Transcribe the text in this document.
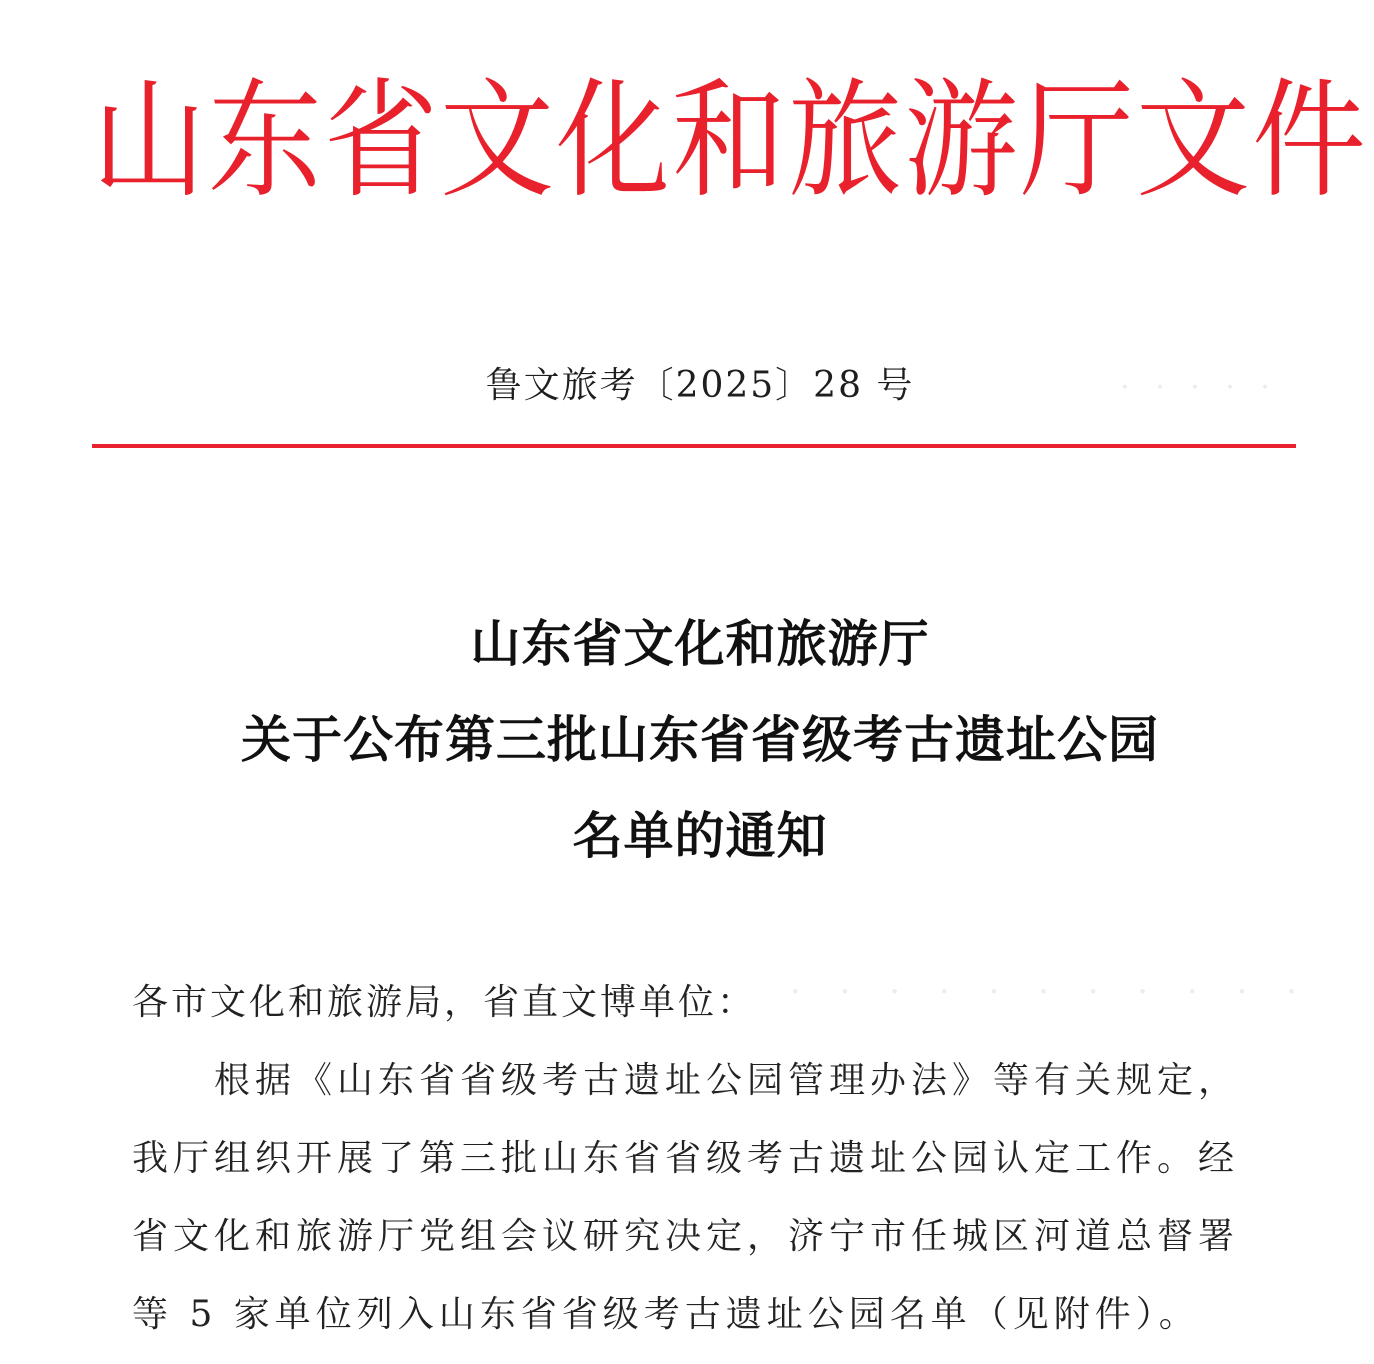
· · · · ·
· · · · · · · · · · ·
山东省文化和旅游厅文件
鲁文旅考〔2025〕28 号
山东省文化和旅游厅
关于公布第三批山东省省级考古遗址公园
名单的通知
各市文化和旅游局，省直文博单位：
根据《山东省省级考古遗址公园管理办法》等有关规定，
我厅组织开展了第三批山东省省级考古遗址公园认定工作。经
省文化和旅游厅党组会议研究决定，济宁市任城区河道总督署
等 5 家单位列入山东省省级考古遗址公园名单（见附件）。
